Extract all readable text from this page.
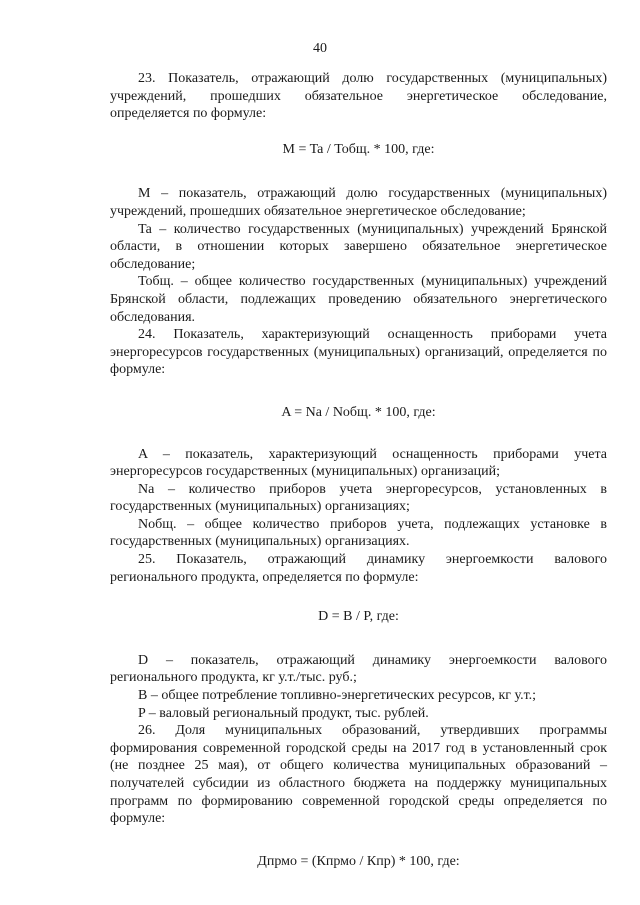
40

23. Показатель, отражающий долю государственных (муниципальных) учреждений, прошедших обязательное энергетическое обследование, определяется по формуле:

M = Ta / Тобщ. * 100, где:

M – показатель, отражающий долю государственных (муниципальных) учреждений, прошедших обязательное энергетическое обследование;

Ta – количество государственных (муниципальных) учреждений Брянской области, в отношении которых завершено обязательное энергетическое обследование;

Тобщ. – общее количество государственных (муниципальных) учреждений Брянской области, подлежащих проведению обязательного энергетического обследования.

24. Показатель, характеризующий оснащенность приборами учета энергоресурсов государственных (муниципальных) организаций, определяется по формуле:

A = Na / Nобщ. * 100, где:

A – показатель, характеризующий оснащенность приборами учета энергоресурсов государственных (муниципальных) организаций;

Na – количество приборов учета энергоресурсов, установленных в государственных (муниципальных) организациях;

Nобщ. – общее количество приборов учета, подлежащих установке в государственных (муниципальных) организациях.

25. Показатель, отражающий динамику энергоемкости валового регионального продукта, определяется по формуле:

D = B / P, где:

D – показатель, отражающий динамику энергоемкости валового регионального продукта, кг у.т./тыс. руб.;

B – общее потребление топливно-энергетических ресурсов, кг у.т.;

P – валовый региональный продукт, тыс. рублей.

26. Доля муниципальных образований, утвердивших программы формирования современной городской среды на 2017 год в установленный срок (не позднее 25 мая), от общего количества муниципальных образований – получателей субсидии из областного бюджета на поддержку муниципальных программ по формированию современной городской среды определяется по формуле:

Дпрмо = (Кпрмо / Кпр) * 100, где:
